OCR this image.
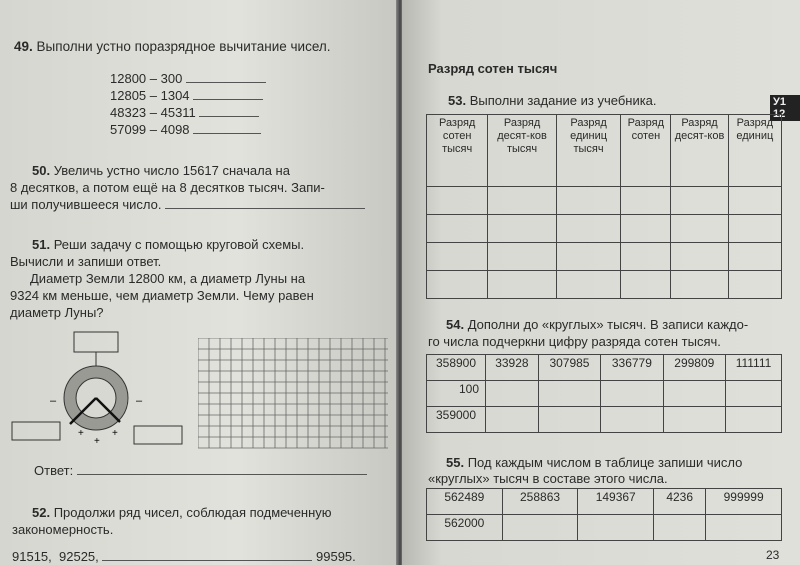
49. Выполни устно поразрядное вычитание чисел.
12800 – 300
12805 – 1304
48323 – 45311
57099 – 4098
50. Увеличь устно число 15617 сначала на
8 десятков, а потом ещё на 8 десятков тысяч. Запи-
ши получившееся число.
51. Реши задачу с помощью круговой схемы.
Вычисли и запиши ответ.
Диаметр Земли 12800 км, а диаметр Луны на
9324 км меньше, чем диаметр Земли. Чему равен
диаметр Луны?
–	–
+	+
+
Ответ:
52. Продолжи ряд чисел, соблюдая подмеченную
закономерность.
91515, 92525,	99595.
Разряд сотен тысяч
У1 12
53. Выполни задание из учебника.
Разряд сотен тысяч	Разряд десят-ков тысяч	Разряд единиц тысяч	Разряд сотен	Разряд десят-ков	Разряд единиц

54. Дополни до «круглых» тысяч. В записи каждо-
го числа подчеркни цифру разряда сотен тысяч.
358900	33928	307985	336779	299809	111111
100					
359000					
55. Под каждым числом в таблице запиши число
«круглых» тысяч в составе этого числа.
562489	258863	149367	4236	999999
562000				
23
